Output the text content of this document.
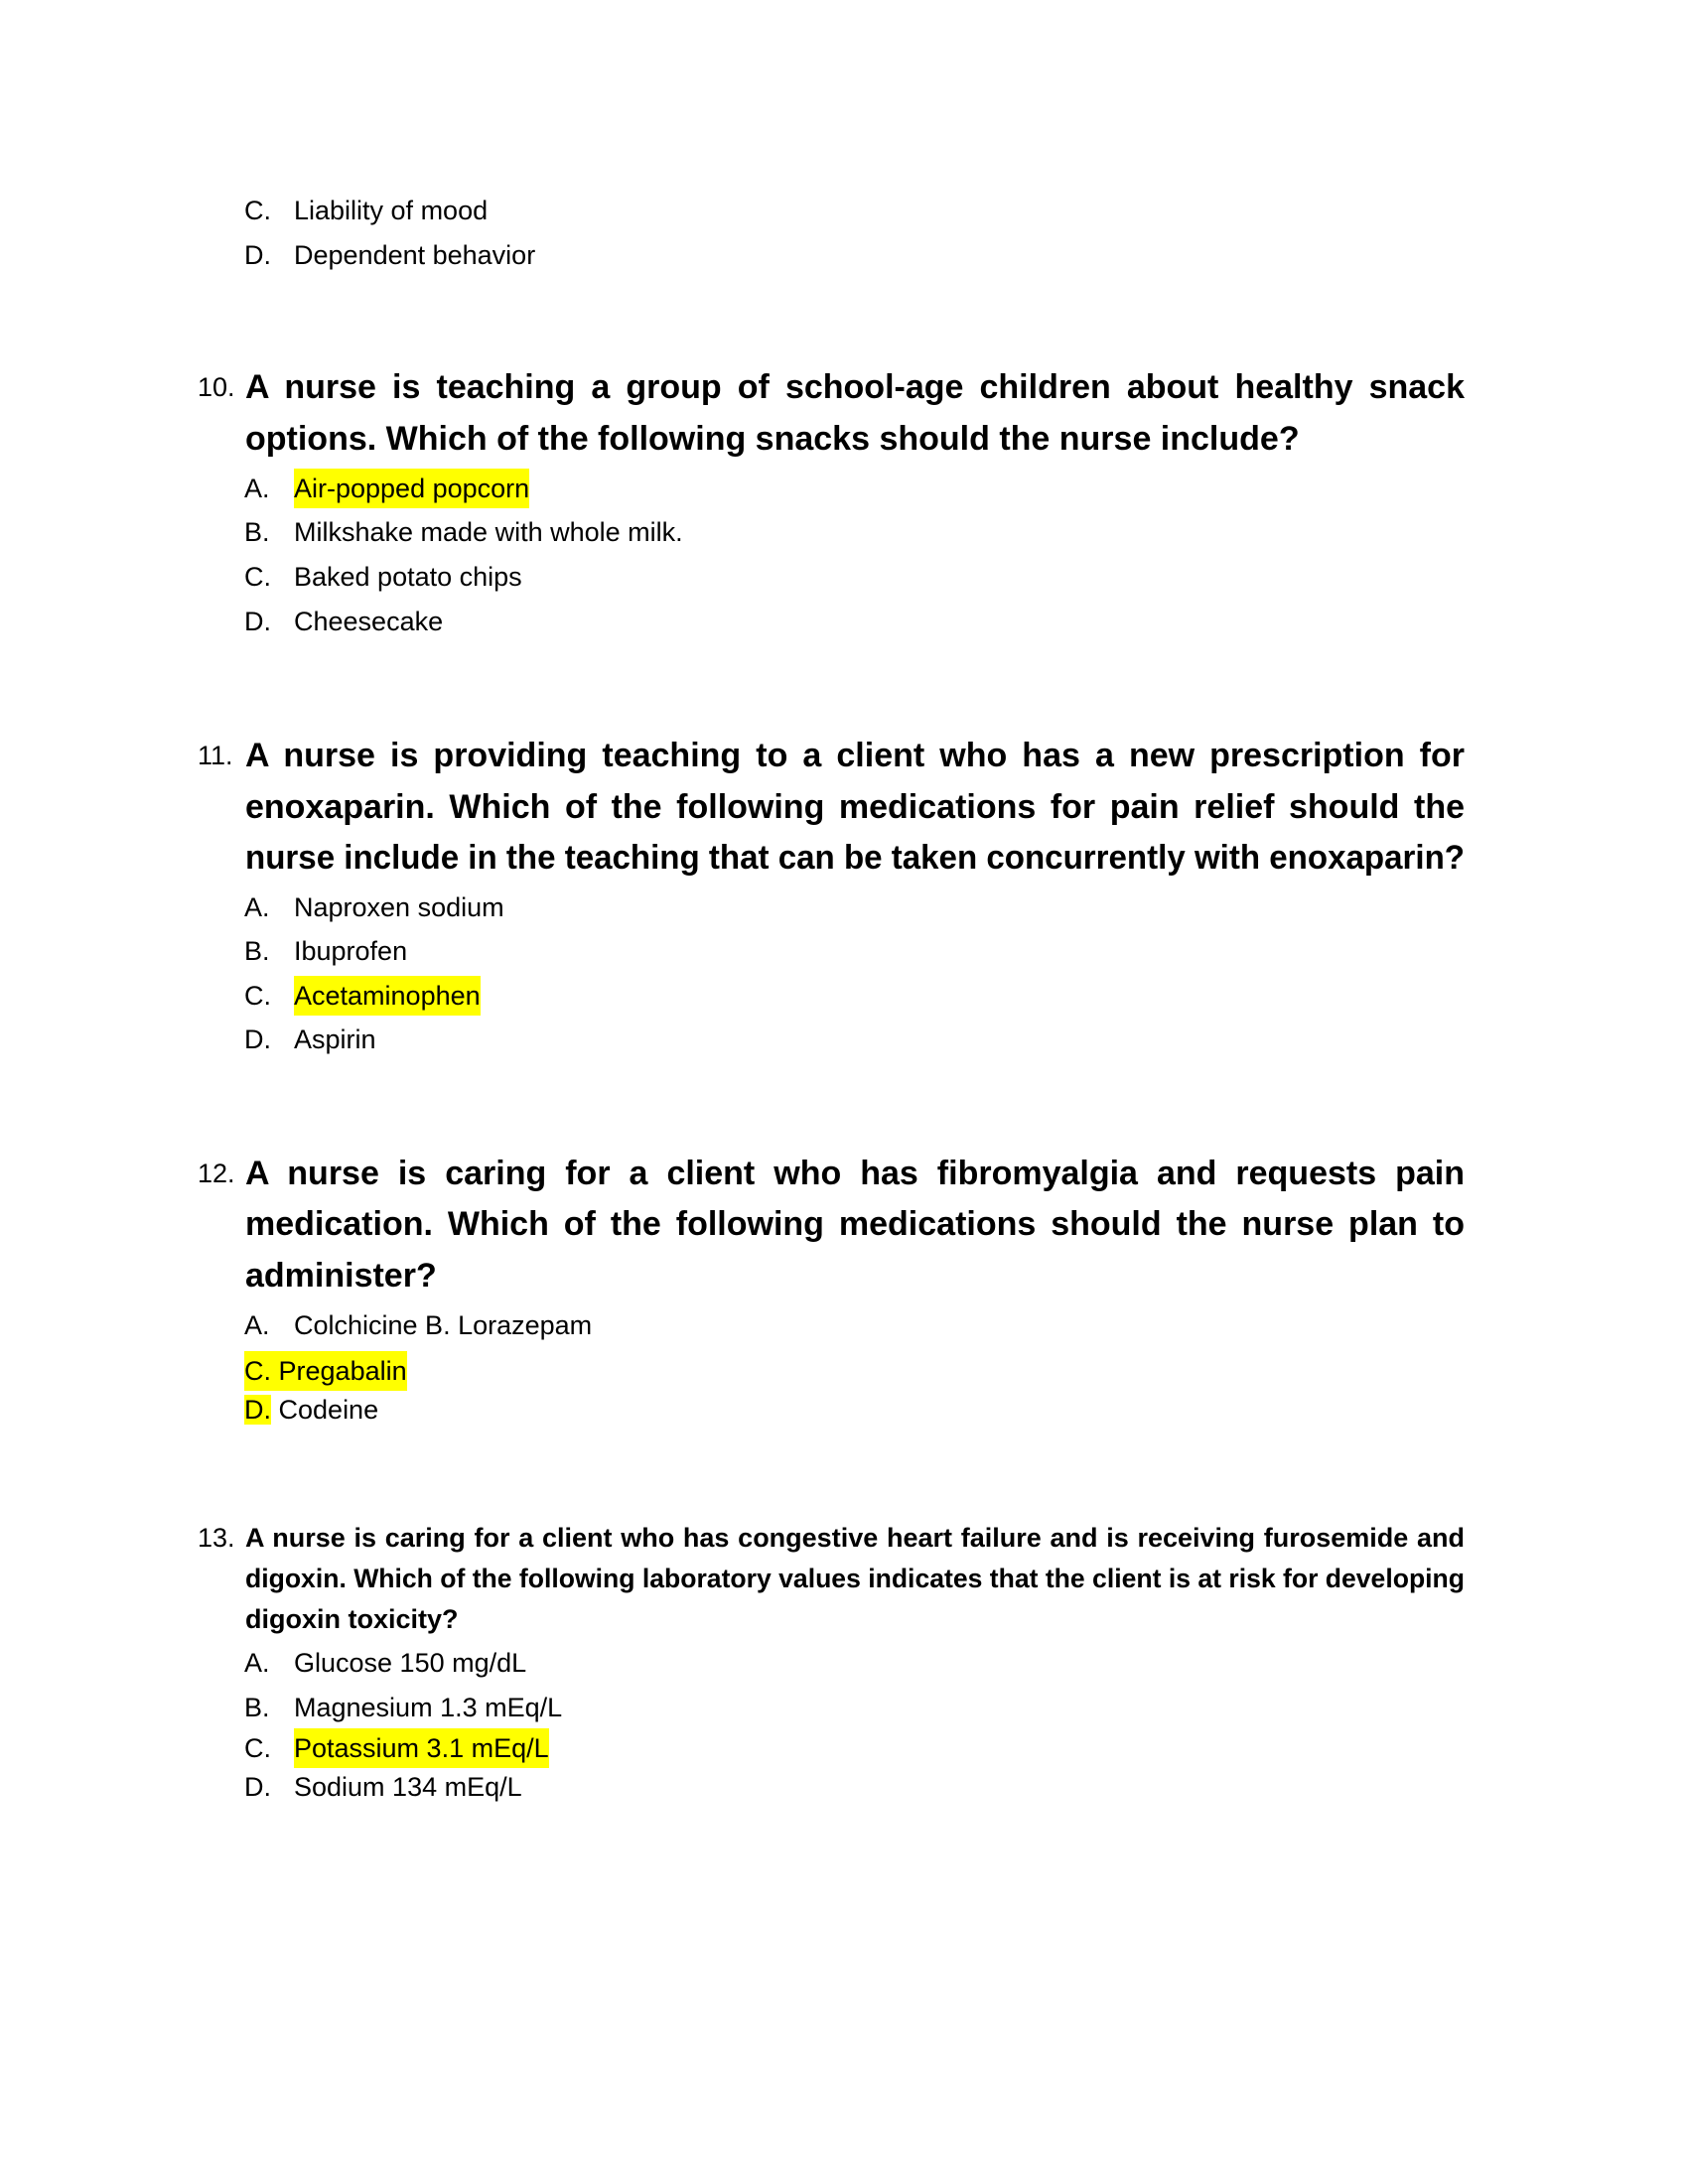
C. Liability of mood
D. Dependent behavior
10. A nurse is teaching a group of school-age children about healthy snack
options. Which of the following snacks should the nurse include?
A. Air-popped popcorn
B. Milkshake made with whole milk.
C. Baked potato chips
D. Cheesecake
11. A nurse is providing teaching to a client who has a new prescription for
enoxaparin. Which of the following medications for pain relief should the
nurse include in the teaching that can be taken concurrently with enoxaparin?
A. Naproxen sodium
B. Ibuprofen
C. Acetaminophen
D. Aspirin
12. A nurse is caring for a client who has fibromyalgia and requests pain
medication. Which of the following medications should the nurse plan to
administer?
A. Colchicine B. Lorazepam
C. Pregabalin
D. Codeine
13. A nurse is caring for a client who has congestive heart failure and is receiving furosemide and
digoxin. Which of the following laboratory values indicates that the client is at risk for developing
digoxin toxicity?
A. Glucose 150 mg/dL
B. Magnesium 1.3 mEq/L
C. Potassium 3.1 mEq/L
D. Sodium 134 mEq/L
